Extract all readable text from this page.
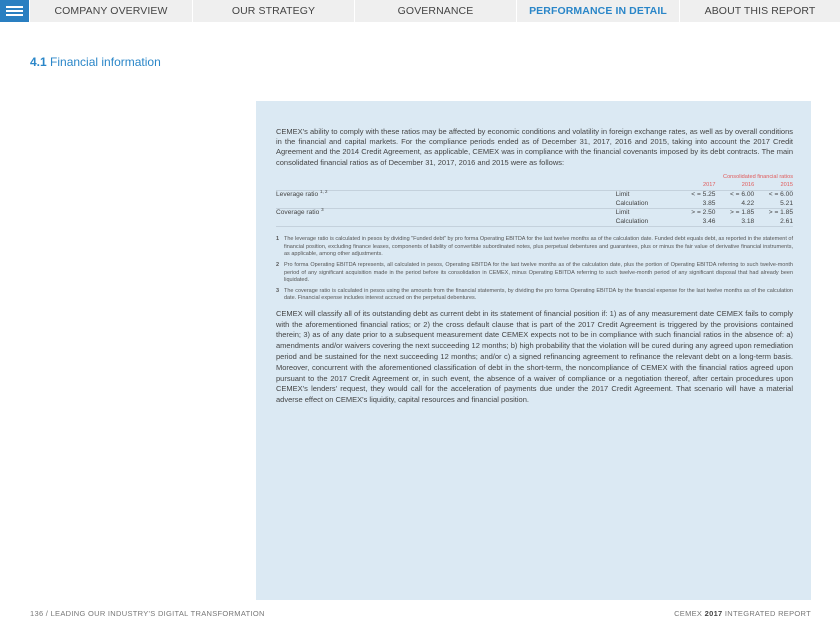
COMPANY OVERVIEW	OUR STRATEGY	GOVERNANCE	PERFORMANCE IN DETAIL	ABOUT THIS REPORT
4.1 Financial information

CEMEX's ability to comply with these ratios may be affected by economic conditions and volatility in foreign exchange rates, as well as by overall conditions in the financial and capital markets. For the compliance periods ended as of December 31, 2017, 2016 and 2015, taking into account the 2017 Credit Agreement and the 2014 Credit Agreement, as applicable, CEMEX was in compliance with the financial covenants imposed by its debt contracts. The main consolidated financial ratios as of December 31, 2017, 2016 and 2015 were as follows:

		Consolidated financial ratios		
		2017	2016	2015
Leverage ratio $^{1, 2}$	Limit	< = 5.25	< = 6.00	< = 6.00
	Calculation	3.85	4.22	5.21
Coverage ratio $^3$	Limit	> = 2.50	> = 1.85	> = 1.85
	Calculation	3.46	3.18	2.61
1 The leverage ratio is calculated in pesos by dividing "Funded debt" by pro forma Operating EBITDA for the last twelve months as of the calculation date. Funded debt equals debt, as reported in the statement of financial position, excluding finance leases, components of liability of convertible subordinated notes, plus perpetual debentures and guarantees, plus or minus the fair value of derivative financial instruments, as applicable, among other adjustments.
2 Pro forma Operating EBITDA represents, all calculated in pesos, Operating EBITDA for the last twelve months as of the calculation date, plus the portion of Operating EBITDA referring to such twelve-month period of any significant acquisition made in the period before its consolidation in CEMEX, minus Operating EBITDA referring to such twelve-month period of any significant disposal that had already been liquidated.
3 The coverage ratio is calculated in pesos using the amounts from the financial statements, by dividing the pro forma Operating EBITDA by the financial expense for the last twelve months as of the calculation date. Financial expense includes interest accrued on the perpetual debentures.

CEMEX will classify all of its outstanding debt as current debt in its statement of financial position if: 1) as of any measurement date CEMEX fails to comply with the aforementioned financial ratios; or 2) the cross default clause that is part of the 2017 Credit Agreement is triggered by the provisions contained therein; 3) as of any date prior to a subsequent measurement date CEMEX expects not to be in compliance with such financial ratios in the absence of: a) amendments and/or waivers covering the next succeeding 12 months; b) high probability that the violation will be cured during any agreed upon remediation period and be sustained for the next succeeding 12 months; and/or c) a signed refinancing agreement to refinance the relevant debt on a long-term basis. Moreover, concurrent with the aforementioned classification of debt in the short-term, the noncompliance of CEMEX with the financial ratios agreed upon pursuant to the 2017 Credit Agreement or, in such event, the absence of a waiver of compliance or a negotiation thereof, after certain procedures upon CEMEX's lenders' request, they would call for the acceleration of payments due under the 2017 Credit Agreement. That scenario will have a material adverse effect on CEMEX's liquidity, capital resources and financial position.

136 / LEADING OUR INDUSTRY'S DIGITAL TRANSFORMATION	CEMEX 2017 INTEGRATED REPORT
